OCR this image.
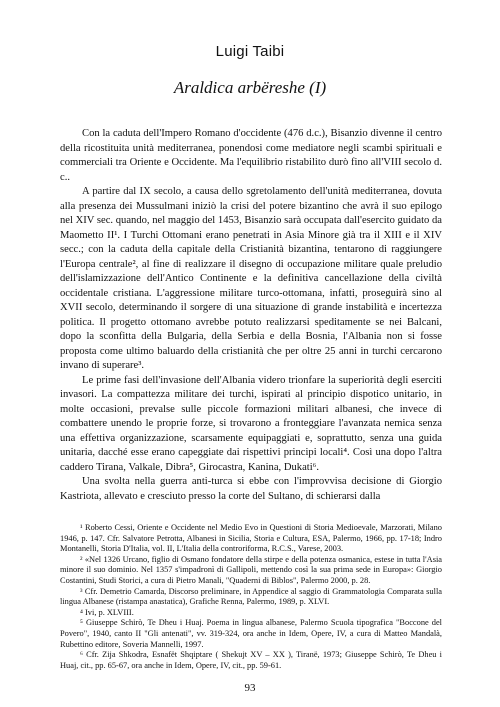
Luigi Taibi
Araldica arbëreshe (I)

Con la caduta dell'Impero Romano d'occidente (476 d.c.), Bisanzio divenne il centro della ricostituita unità mediterranea, ponendosi come mediatore negli scambi spirituali e commerciali tra Oriente e Occidente. Ma l'equilibrio ristabilito durò fino all'VIII secolo d. c..

A partire dal IX secolo, a causa dello sgretolamento dell'unità mediterranea, dovuta alla presenza dei Mussulmani iniziò la crisi del potere bizantino che avrà il suo epilogo nel XIV sec. quando, nel maggio del 1453, Bisanzio sarà occupata dall'esercito guidato da Maometto II¹. I Turchi Ottomani erano penetrati in Asia Minore già tra il XIII e il XIV secc.; con la caduta della capitale della Cristianità bizantina, tentarono di raggiungere l'Europa centrale², al fine di realizzare il disegno di occupazione militare quale preludio dell'islamizzazione dell'Antico Continente e la definitiva cancellazione della civiltà occidentale cristiana. L'aggressione militare turco-ottomana, infatti, proseguirà sino al XVII secolo, determinando il sorgere di una situazione di grande instabilità e incertezza politica. Il progetto ottomano avrebbe potuto realizzarsi speditamente se nei Balcani, dopo la sconfitta della Bulgaria, della Serbia e della Bosnia, l'Albania non si fosse proposta come ultimo baluardo della cristianità che per oltre 25 anni in turchi cercarono invano di superare³.

Le prime fasi dell'invasione dell'Albania videro trionfare la superiorità degli eserciti invasori. La compattezza militare dei turchi, ispirati al principio dispotico unitario, in molte occasioni, prevalse sulle piccole formazioni militari albanesi, che invece di combattere unendo le proprie forze, si trovarono a fronteggiare l'avanzata nemica senza una effettiva organizzazione, scarsamente equipaggiati e, soprattutto, senza una guida unitaria, dacché esse erano capeggiate dai rispettivi principi locali⁴. Così una dopo l'altra caddero Tirana, Valkale, Dibra⁵, Girocastra, Kanina, Dukati⁶.

Una svolta nella guerra anti-turca si ebbe con l'improvvisa decisione di Giorgio Kastriota, allevato e cresciuto presso la corte del Sultano, di schierarsi dalla

¹ Roberto Cessi, Oriente e Occidente nel Medio Evo in Questioni di Storia Medioevale, Marzorati, Milano 1946, p. 147. Cfr. Salvatore Petrotta, Albanesi in Sicilia, Storia e Cultura, ESA, Palermo, 1966, pp. 17-18; Indro Montanelli, Storia D'Italia, vol. II, L'Italia della controriforma, R.C.S., Varese, 2003.

² «Nel 1326 Urcano, figlio di Osmano fondatore della stirpe e della potenza osmanica, estese in tutta l'Asia minore il suo dominio. Nel 1357 s'impadronì di Gallipoli, mettendo così la sua prima sede in Europa»: Giorgio Costantini, Studi Storici, a cura di Pietro Manali, "Quaderni di Biblos", Palermo 2000, p. 28.

³ Cfr. Demetrio Camarda, Discorso preliminare, in Appendice al saggio di Grammatologia Comparata sulla lingua Albanese (ristampa anastatica), Grafiche Renna, Palermo, 1989, p. XLVI.

⁴ Ivi, p. XLVIII.

⁵ Giuseppe Schirò, Te Dheu i Huaj. Poema in lingua albanese, Palermo Scuola tipografica "Boccone del Povero", 1940, canto II "Gli antenati", vv. 319-324, ora anche in Idem, Opere, IV, a cura di Matteo Mandalà, Rubettino editore, Soveria Mannelli, 1997.

⁶ Cfr. Zija Shkodra, Esnafët Shqiptare ( Shekujt XV – XX ), Tiranë, 1973; Giuseppe Schirò, Te Dheu i Huaj, cit., pp. 65-67, ora anche in Idem, Opere, IV, cit., pp. 59-61.

93
